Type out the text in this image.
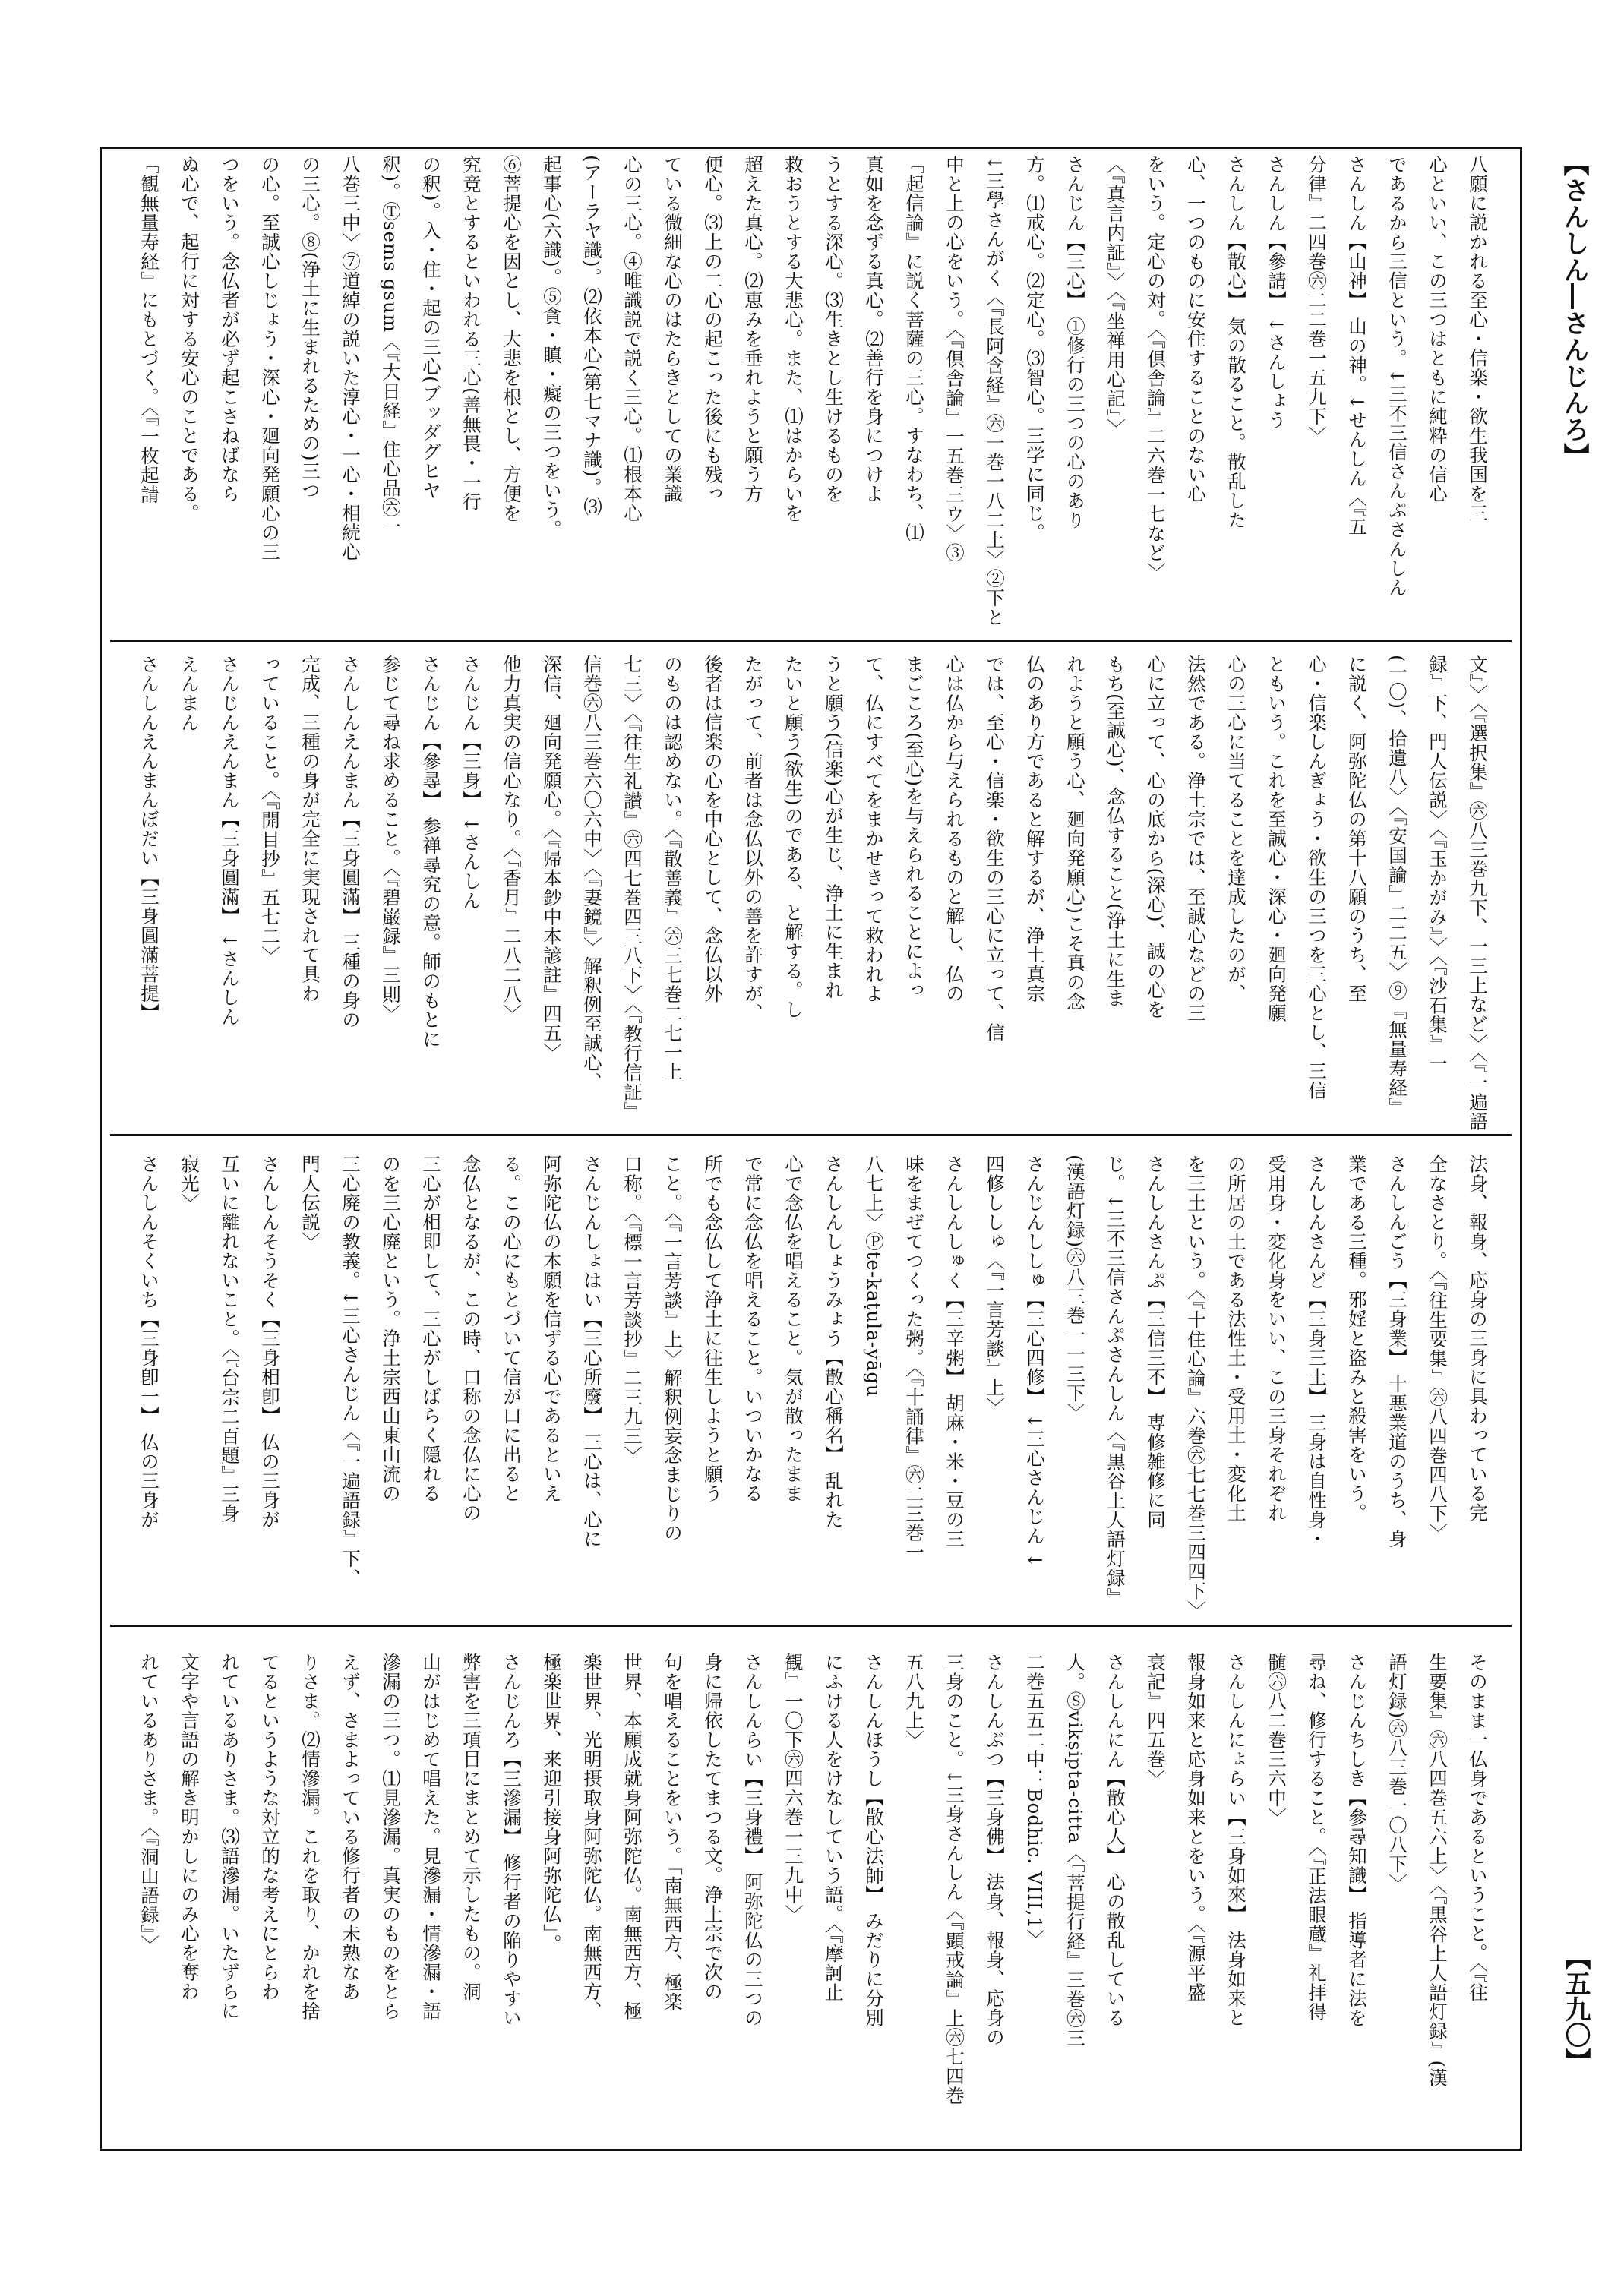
【さんしん―さんじんろ】
【五九〇】
八願に説かれる至心・信楽・欲生我国を三
心といい、この三つはともに純粋の信心
であるから三信という。↓三不三信さんぷさんしん
さんしん【山神】 山の神。↓せんしん〈『五
分律』二四巻㊅二二巻一五九下〉
さんしん【參請】 ↓さんしょう
さんしん【散心】 気の散ること。散乱した
心、一つのものに安住することのない心
をいう。定心の対。〈『倶舎論』二六巻一七など〉
〈『真言内証』〉〈『坐禅用心記』〉
さんじん【三心】 ①修行の三つの心のあり
方。⑴戒心。⑵定心。⑶智心。三学に同じ。
↓三學さんがく〈『長阿含経』㊅一巻一八二上〉②下と
中と上の心をいう。〈『倶舎論』一五巻三ウ〉③
『起信論』に説く菩薩の三心。すなわち、⑴
真如を念ずる真心。⑵善行を身につけよ
うとする深心。⑶生きとし生けるものを
救おうとする大悲心。また、⑴はからいを
超えた真心。⑵恵みを垂れようと願う方
便心。⑶上の二心の起こった後にも残っ
ている微細な心のはたらきとしての業識
心の三心。④唯識説で説く三心。⑴根本心
(アーラヤ識)。⑵依本心(第七マナ識)。⑶
起事心(六識)。⑤貪・瞋・癡の三つをいう。
⑥菩提心を因とし、大悲を根とし、方便を
究竟とするといわれる三心(善無畏・一行
の釈)。入・住・起の三心(ブッダグヒヤ
釈)。Ⓣsems gsum〈『大日経』住心品㊅一
八巻三中〉⑦道綽の説いた淳心・一心・相続心
の三心。⑧(浄土に生まれるための)三つ
の心。至誠心しじょう・深心・廻向発願心の三
つをいう。念仏者が必ず起こさねばなら
ぬ心で、起行に対する安心のことである。
『観無量寿経』にもとづく。〈『一枚起請
文』〉〈『選択集』㊅八三巻九下、一三上など〉〈『一遍語
録』下、門人伝説〉〈『玉かがみ』〉〈『沙石集』一
(一〇)、拾遺八〉〈『安国論』二二五〉⑨『無量寿経』
に説く、阿弥陀仏の第十八願のうち、至
心・信楽しんぎょう・欲生の三つを三心とし、三信
ともいう。これを至誠心・深心・廻向発願
心の三心に当てることを達成したのが、
法然である。浄土宗では、至誠心などの三
心に立って、心の底から(深心)、誠の心を
もち(至誠心)、念仏すること(浄土に生ま
れようと願う心、廻向発願心)こそ真の念
仏のあり方であると解するが、浄土真宗
では、至心・信楽・欲生の三心に立って、信
心は仏から与えられるものと解し、仏の
まごころ(至心)を与えられることによっ
て、仏にすべてをまかせきって救われよ
うと願う(信楽)心が生じ、浄土に生まれ
たいと願う(欲生)のである、と解する。し
たがって、前者は念仏以外の善を許すが、
後者は信楽の心を中心として、念仏以外
のものは認めない。〈『散善義』㊅三七巻二七一上
七三〉〈『往生礼讃』㊅四七巻四三八下〉〈『教行信証』
信巻㊅八三巻六〇六中〉〈『妻鏡』〉解釈例至誠心、
深信、廻向発願心。〈『帰本鈔中本諺註』四五〉
他力真実の信心なり。〈『香月』二八二八〉
さんじん【三身】 ↓さんしん
さんじん【參尋】 参禅尋究の意。師のもとに
参じて尋ね求めること。〈『碧巌録』三則〉
さんしんえんまん【三身圓滿】 三種の身の
完成、三種の身が完全に実現されて具わ
っていること。〈『開目抄』五七二〉
さんじんえんまん【三身圓滿】 ↓さんしん
えんまん
さんしんえんまんぼだい【三身圓滿菩提】
法身、報身、応身の三身に具わっている完
全なさとり。〈『往生要集』㊅八四巻四八下〉
さんしんごう【三身業】 十悪業道のうち、身
業である三種。邪婬と盗みと殺害をいう。
さんしんさんど【三身三土】 三身は自性身・
受用身・変化身をいい、この三身それぞれ
の所居の土である法性土・受用土・変化土
を三土という。〈『十住心論』六巻㊅七七巻三四四下〉
さんしんさんぷ【三信三不】 専修雑修に同
じ。↓三不三信さんぷさんしん〈『黒谷上人語灯録』
(漢語灯録)㊅八三巻一一三下〉
さんじんししゅ【三心四修】 ↓三心さんじん ↓
四修ししゅ〈『一言芳談』上〉
さんしんしゅく【三辛粥】 胡麻・米・豆の三
味をまぜてつくった粥。〈『十誦律』㊅二三巻一
八七上〉Ⓟte-kaṭula-yāgu
さんしんしょうみょう【散心稱名】 乱れた
心で念仏を唱えること。気が散ったまま
で常に念仏を唱えること。いついかなる
所でも念仏して浄土に往生しようと願う
こと。〈『一言芳談』上〉解釈例妄念まじりの
口称。〈『標一言芳談抄』二三九三〉
さんじんしょはい【三心所廢】 三心は、心に
阿弥陀仏の本願を信ずる心であるといえ
る。この心にもとづいて信が口に出ると
念仏となるが、この時、口称の念仏に心の
三心が相即して、三心がしばらく隠れる
のを三心廃という。浄土宗西山東山流の
三心廃の教義。↓三心さんじん〈『一遍語録』下、
門人伝説〉
さんしんそうそく【三身相卽】 仏の三身が
互いに離れないこと。〈『台宗二百題』三身
寂光〉
さんしんそくいち【三身卽一】 仏の三身が
そのまま一仏身であるということ。〈『往
生要集』㊅八四巻五六上〉〈『黒谷上人語灯録』(漢
語灯録)㊅八三巻一〇八下〉
さんじんちしき【參尋知識】 指導者に法を
尋ね、修行すること。〈『正法眼蔵』礼拝得
髄㊅八二巻三六中〉
さんしんにょらい【三身如來】 法身如来と
報身如来と応身如来とをいう。〈『源平盛
衰記』四五巻〉
さんしんにん【散心人】 心の散乱している
人。Ⓢvikṣipta-citta〈『菩提行経』三巻㊅三
二巻五五二中：Bodhic. VIII,1〉
さんしんぶつ【三身佛】 法身、報身、応身の
三身のこと。↓三身さんしん〈『顕戒論』上㊅七四巻
五八九上〉
さんしんほうし【散心法師】 みだりに分別
にふける人をけなしていう語。〈『摩訶止
観』一〇下㊅四六巻一三九中〉
さんしんらい【三身禮】 阿弥陀仏の三つの
身に帰依したてまつる文。浄土宗で次の
句を唱えることをいう。「南無西方、極楽
世界、本願成就身阿弥陀仏。南無西方、極
楽世界、光明摂取身阿弥陀仏。南無西方、
極楽世界、来迎引接身阿弥陀仏」。
さんじんろ【三滲漏】 修行者の陥りやすい
弊害を三項目にまとめて示したもの。洞
山がはじめて唱えた。見滲漏・情滲漏・語
滲漏の三つ。⑴見滲漏。真実のものをとら
えず、さまよっている修行者の未熟なあ
りさま。⑵情滲漏。これを取り、かれを捨
てるというような対立的な考えにとらわ
れているありさま。⑶語滲漏。いたずらに
文字や言語の解き明かしにのみ心を奪わ
れているありさま。〈『洞山語録』〉
